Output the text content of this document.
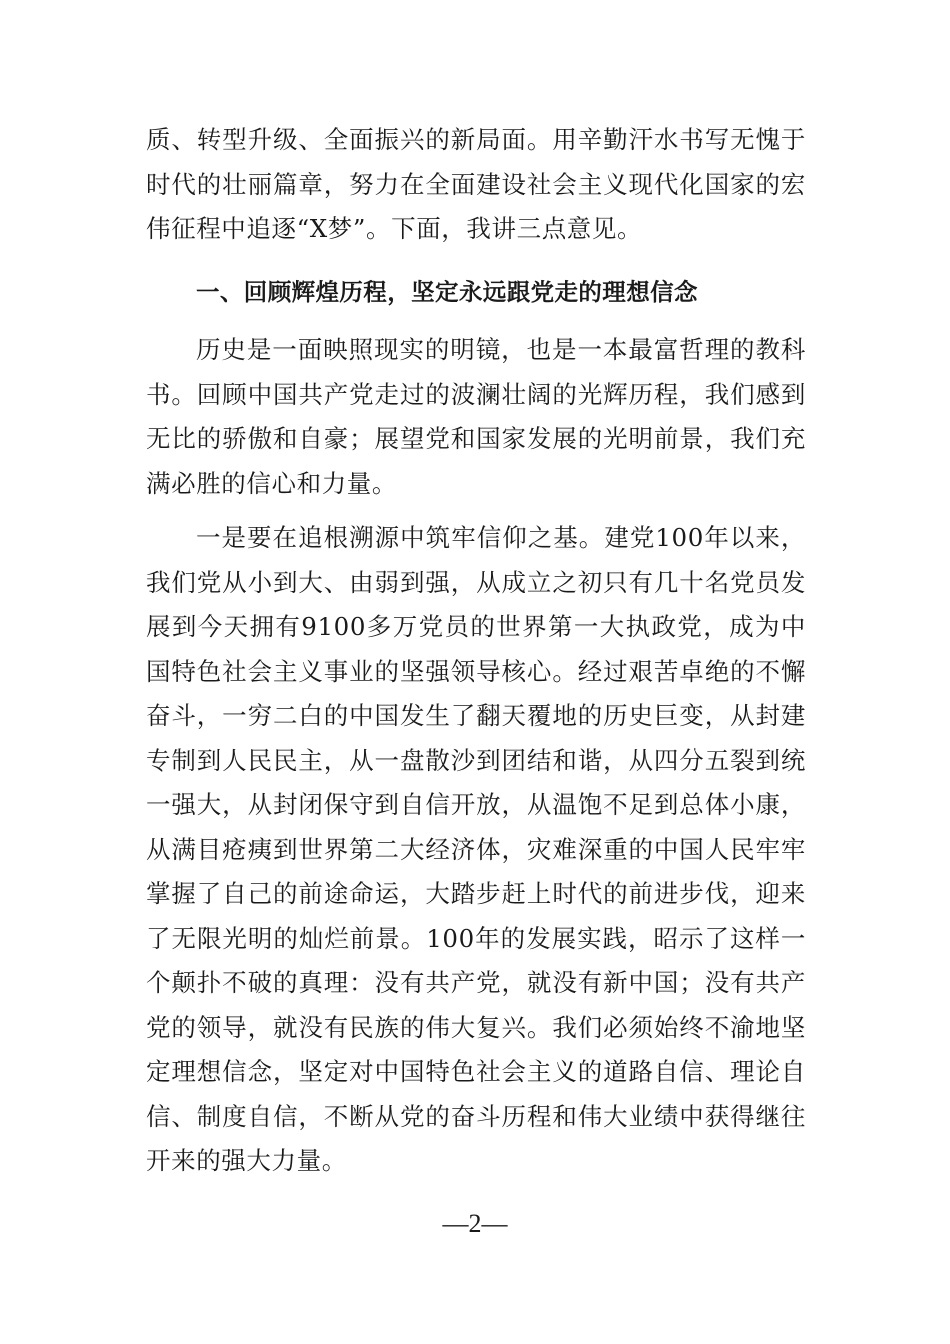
质、转型升级、全面振兴的新局面。用辛勤汗水书写无愧于时代的壮丽篇章，努力在全面建设社会主义现代化国家的宏伟征程中追逐“X梦”。下面，我讲三点意见。

一、回顾辉煌历程，坚定永远跟党走的理想信念

历史是一面映照现实的明镜，也是一本最富哲理的教科书。回顾中国共产党走过的波澜壮阔的光辉历程，我们感到无比的骄傲和自豪；展望党和国家发展的光明前景，我们充满必胜的信心和力量。

一是要在追根溯源中筑牢信仰之基。建党100年以来，我们党从小到大、由弱到强，从成立之初只有几十名党员发展到今天拥有9100多万党员的世界第一大执政党，成为中国特色社会主义事业的坚强领导核心。经过艰苦卓绝的不懈奋斗，一穷二白的中国发生了翻天覆地的历史巨变，从封建专制到人民民主，从一盘散沙到团结和谐，从四分五裂到统一强大，从封闭保守到自信开放，从温饱不足到总体小康，从满目疮痍到世界第二大经济体，灾难深重的中国人民牢牢掌握了自己的前途命运，大踏步赶上时代的前进步伐，迎来了无限光明的灿烂前景。100年的发展实践，昭示了这样一个颠扑不破的真理：没有共产党，就没有新中国；没有共产党的领导，就没有民族的伟大复兴。我们必须始终不渝地坚定理想信念，坚定对中国特色社会主义的道路自信、理论自信、制度自信，不断从党的奋斗历程和伟大业绩中获得继往开来的强大力量。

—2—
